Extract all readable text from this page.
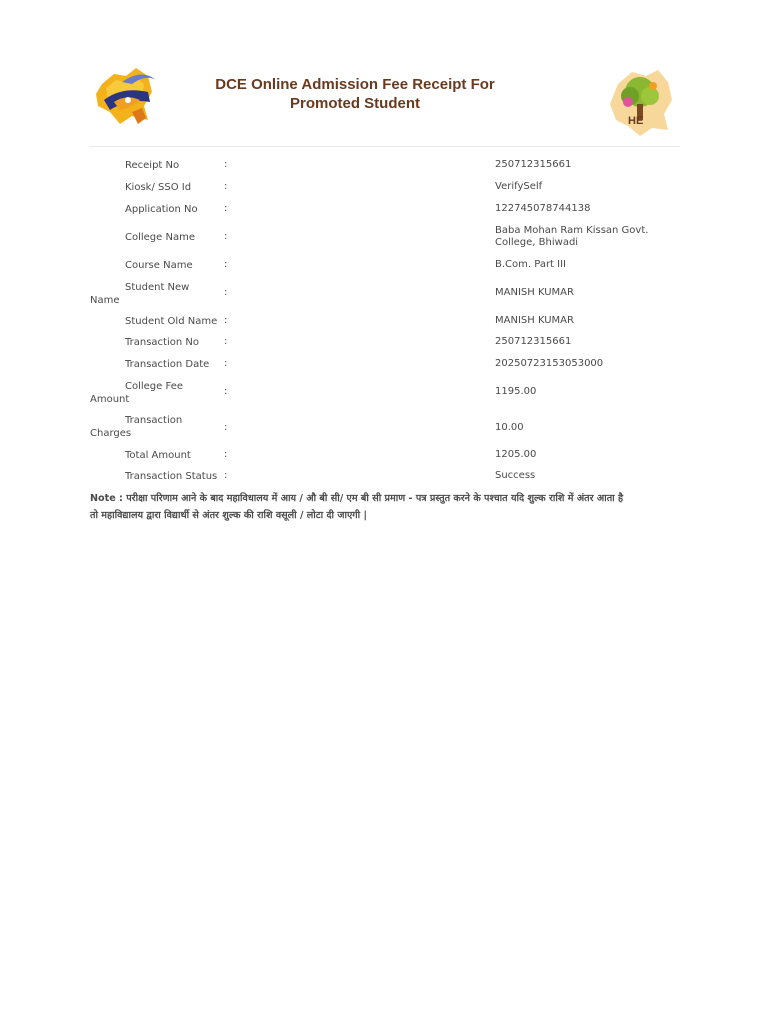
DCE Online Admission Fee Receipt For
Promoted Student
HE
Receipt No	:	250712315661
Kiosk/ SSO Id	:	VerifySelf
Application No	:	122745078744138
College Name	:
Baba Mohan Ram Kissan Govt.
College, Bhiwadi
Course Name	:	B.Com. Part III
Student New
Name
:	MANISH KUMAR
Student Old Name :	MANISH KUMAR
Transaction No	:	250712315661
Transaction Date	:	20250723153053000
College Fee
Amount
:	1195.00
Transaction
Charges
:	10.00
Total Amount	:	1205.00
Transaction Status :	Success
Note : परीक्षा परिणाम आने के बाद महाविधालय में आय / औ बी सी/ एम बी सी प्रमाण - पत्र प्रस्तुत करने के पश्चात यदि शुल्क राशि में अंतर आता है
तो महाविद्यालय द्वारा विद्यार्थी से अंतर शुल्क की राशि वसूली / लोटा दी जाएगी |
